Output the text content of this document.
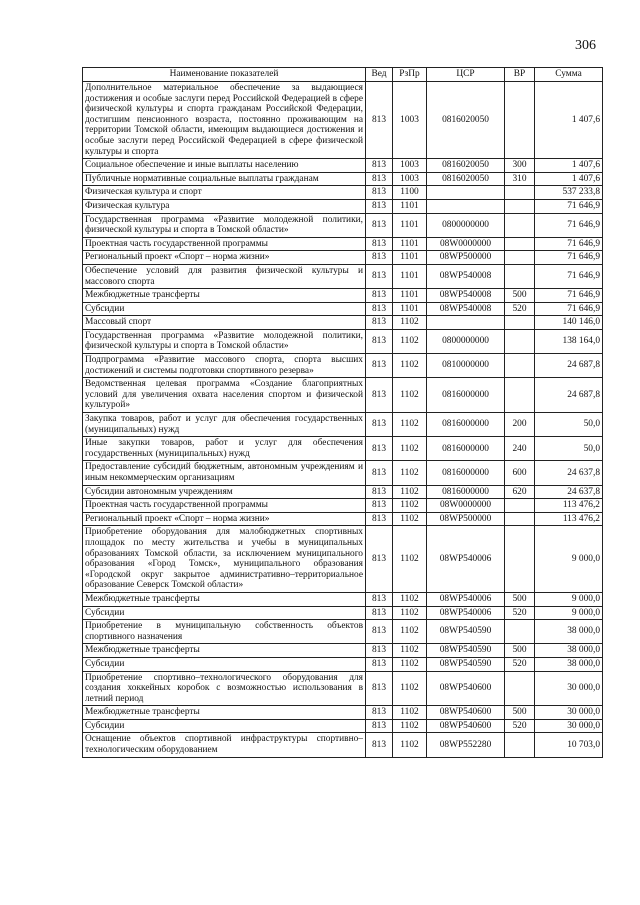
306
Наименование показателей	Вед	РзПр	ЦСР	ВР	Сумма
Дополнительное материальное обеспечение за выдающиеся достижения и особые заслуги перед Российской Федерацией в сфере физической культуры и спорта гражданам Российской Федерации, достигшим пенсионного возраста, постоянно проживающим на территории Томской области, имеющим выдающиеся достижения и особые заслуги перед Российской Федерацией в сфере физической культуры и спорта	813	1003	0816020050		1 407,6
Социальное обеспечение и иные выплаты населению	813	1003	0816020050	300	1 407,6
Публичные нормативные социальные выплаты гражданам	813	1003	0816020050	310	1 407,6
Физическая культура и спорт	813	1100			537 233,8
Физическая культура	813	1101			71 646,9
Государственная программа «Развитие молодежной политики, физической культуры и спорта в Томской области»	813	1101	0800000000		71 646,9
Проектная часть государственной программы	813	1101	08W0000000		71 646,9
Региональный проект «Спорт – норма жизни»	813	1101	08WP500000		71 646,9
Обеспечение условий для развития физической культуры и массового спорта	813	1101	08WP540008		71 646,9
Межбюджетные трансферты	813	1101	08WP540008	500	71 646,9
Субсидии	813	1101	08WP540008	520	71 646,9
Массовый спорт	813	1102			140 146,0
Государственная программа «Развитие молодежной политики, физической культуры и спорта в Томской области»	813	1102	0800000000		138 164,0
Подпрограмма «Развитие массового спорта, спорта высших достижений и системы подготовки спортивного резерва»	813	1102	0810000000		24 687,8
Ведомственная целевая программа «Создание благоприятных условий для увеличения охвата населения спортом и физической культурой»	813	1102	0816000000		24 687,8
Закупка товаров, работ и услуг для обеспечения государственных (муниципальных) нужд	813	1102	0816000000	200	50,0
Иные закупки товаров, работ и услуг для обеспечения государственных (муниципальных) нужд	813	1102	0816000000	240	50,0
Предоставление субсидий бюджетным, автономным учреждениям и иным некоммерческим организациям	813	1102	0816000000	600	24 637,8
Субсидии автономным учреждениям	813	1102	0816000000	620	24 637,8
Проектная часть государственной программы	813	1102	08W0000000		113 476,2
Региональный проект «Спорт – норма жизни»	813	1102	08WP500000		113 476,2
Приобретение оборудования для малобюджетных спортивных площадок по месту жительства и учебы в муниципальных образованиях Томской области, за исключением муниципального образования «Город Томск», муниципального образования «Городской округ закрытое административно–территориальное образование Северск Томской области»	813	1102	08WP540006		9 000,0
Межбюджетные трансферты	813	1102	08WP540006	500	9 000,0
Субсидии	813	1102	08WP540006	520	9 000,0
Приобретение в муниципальную собственность объектов спортивного назначения	813	1102	08WP540590		38 000,0
Межбюджетные трансферты	813	1102	08WP540590	500	38 000,0
Субсидии	813	1102	08WP540590	520	38 000,0
Приобретение спортивно–технологического оборудования для создания хоккейных коробок с возможностью использования в летний период	813	1102	08WP540600		30 000,0
Межбюджетные трансферты	813	1102	08WP540600	500	30 000,0
Субсидии	813	1102	08WP540600	520	30 000,0
Оснащение объектов спортивной инфраструктуры спортивно–технологическим оборудованием	813	1102	08WP552280		10 703,0
